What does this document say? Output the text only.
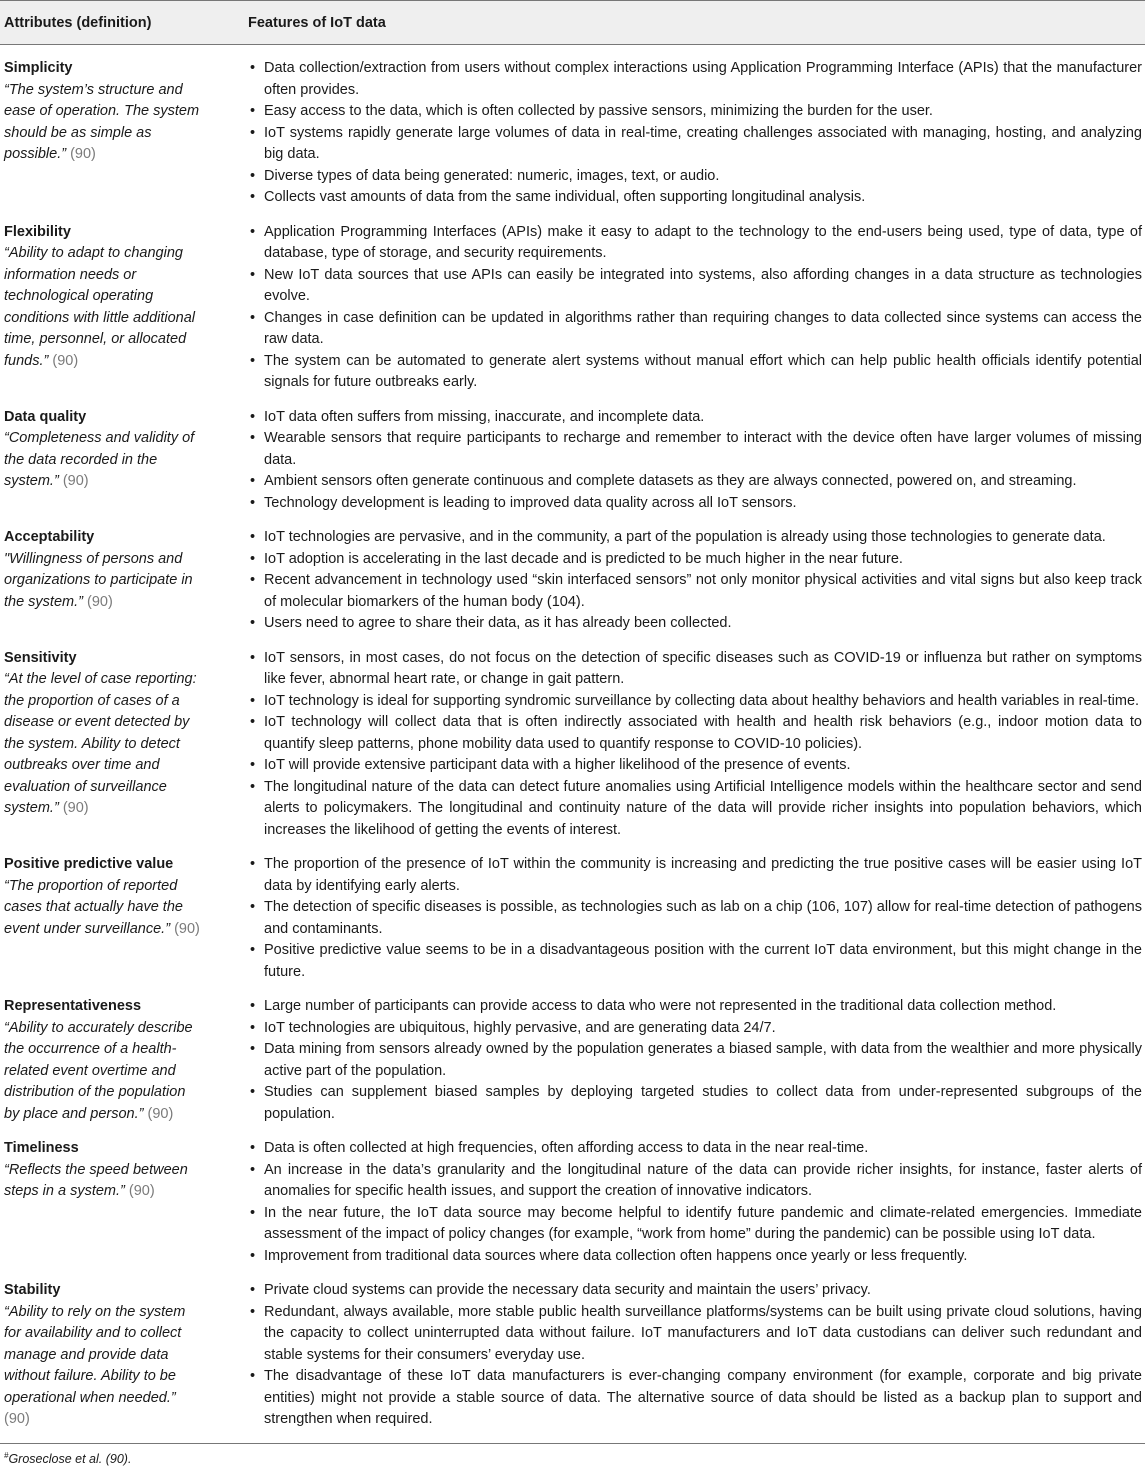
Attributes (definition)	Features of IoT data
Simplicity
“The system’s structure and ease of operation. The system should be as simple as possible.” (90)
• Data collection/extraction from users without complex interactions using Application Programming Interface (APIs) that the manufacturer often provides.
• Easy access to the data, which is often collected by passive sensors, minimizing the burden for the user.
• IoT systems rapidly generate large volumes of data in real-time, creating challenges associated with managing, hosting, and analyzing big data.
• Diverse types of data being generated: numeric, images, text, or audio.
• Collects vast amounts of data from the same individual, often supporting longitudinal analysis.
Flexibility
“Ability to adapt to changing information needs or technological operating conditions with little additional time, personnel, or allocated funds.” (90)
• Application Programming Interfaces (APIs) make it easy to adapt to the technology to the end-users being used, type of data, type of database, type of storage, and security requirements.
• New IoT data sources that use APIs can easily be integrated into systems, also affording changes in a data structure as technologies evolve.
• Changes in case definition can be updated in algorithms rather than requiring changes to data collected since systems can access the raw data.
• The system can be automated to generate alert systems without manual effort which can help public health officials identify potential signals for future outbreaks early.
Data quality
“Completeness and validity of the data recorded in the system.” (90)
• IoT data often suffers from missing, inaccurate, and incomplete data.
• Wearable sensors that require participants to recharge and remember to interact with the device often have larger volumes of missing data.
• Ambient sensors often generate continuous and complete datasets as they are always connected, powered on, and streaming.
• Technology development is leading to improved data quality across all IoT sensors.
Acceptability
"Willingness of persons and organizations to participate in the system.” (90)
• IoT technologies are pervasive, and in the community, a part of the population is already using those technologies to generate data.
• IoT adoption is accelerating in the last decade and is predicted to be much higher in the near future.
• Recent advancement in technology used “skin interfaced sensors” not only monitor physical activities and vital signs but also keep track of molecular biomarkers of the human body (104).
• Users need to agree to share their data, as it has already been collected.
Sensitivity
“At the level of case reporting: the proportion of cases of a disease or event detected by the system. Ability to detect outbreaks over time and evaluation of surveillance system.” (90)
• IoT sensors, in most cases, do not focus on the detection of specific diseases such as COVID-19 or influenza but rather on symptoms like fever, abnormal heart rate, or change in gait pattern.
• IoT technology is ideal for supporting syndromic surveillance by collecting data about healthy behaviors and health variables in real-time.
• IoT technology will collect data that is often indirectly associated with health and health risk behaviors (e.g., indoor motion data to quantify sleep patterns, phone mobility data used to quantify response to COVID-10 policies).
• IoT will provide extensive participant data with a higher likelihood of the presence of events.
• The longitudinal nature of the data can detect future anomalies using Artificial Intelligence models within the healthcare sector and send alerts to policymakers. The longitudinal and continuity nature of the data will provide richer insights into population behaviors, which increases the likelihood of getting the events of interest.
Positive predictive value
“The proportion of reported cases that actually have the event under surveillance.” (90)
• The proportion of the presence of IoT within the community is increasing and predicting the true positive cases will be easier using IoT data by identifying early alerts.
• The detection of specific diseases is possible, as technologies such as lab on a chip (106, 107) allow for real-time detection of pathogens and contaminants.
• Positive predictive value seems to be in a disadvantageous position with the current IoT data environment, but this might change in the future.
Representativeness
“Ability to accurately describe the occurrence of a health-related event overtime and distribution of the population by place and person.” (90)
• Large number of participants can provide access to data who were not represented in the traditional data collection method.
• IoT technologies are ubiquitous, highly pervasive, and are generating data 24/7.
• Data mining from sensors already owned by the population generates a biased sample, with data from the wealthier and more physically active part of the population.
• Studies can supplement biased samples by deploying targeted studies to collect data from under-represented subgroups of the population.
Timeliness
“Reflects the speed between steps in a system.” (90)
• Data is often collected at high frequencies, often affording access to data in the near real-time.
• An increase in the data’s granularity and the longitudinal nature of the data can provide richer insights, for instance, faster alerts of anomalies for specific health issues, and support the creation of innovative indicators.
• In the near future, the IoT data source may become helpful to identify future pandemic and climate-related emergencies. Immediate assessment of the impact of policy changes (for example, “work from home” during the pandemic) can be possible using IoT data.
• Improvement from traditional data sources where data collection often happens once yearly or less frequently.
Stability
“Ability to rely on the system for availability and to collect manage and provide data without failure. Ability to be operational when needed.” (90)
• Private cloud systems can provide the necessary data security and maintain the users’ privacy.
• Redundant, always available, more stable public health surveillance platforms/systems can be built using private cloud solutions, having the capacity to collect uninterrupted data without failure. IoT manufacturers and IoT data custodians can deliver such redundant and stable systems for their consumers’ everyday use.
• The disadvantage of these IoT data manufacturers is ever-changing company environment (for example, corporate and big private entities) might not provide a stable source of data. The alternative source of data should be listed as a backup plan to support and strengthen when required.
#Groseclose et al. (90).
